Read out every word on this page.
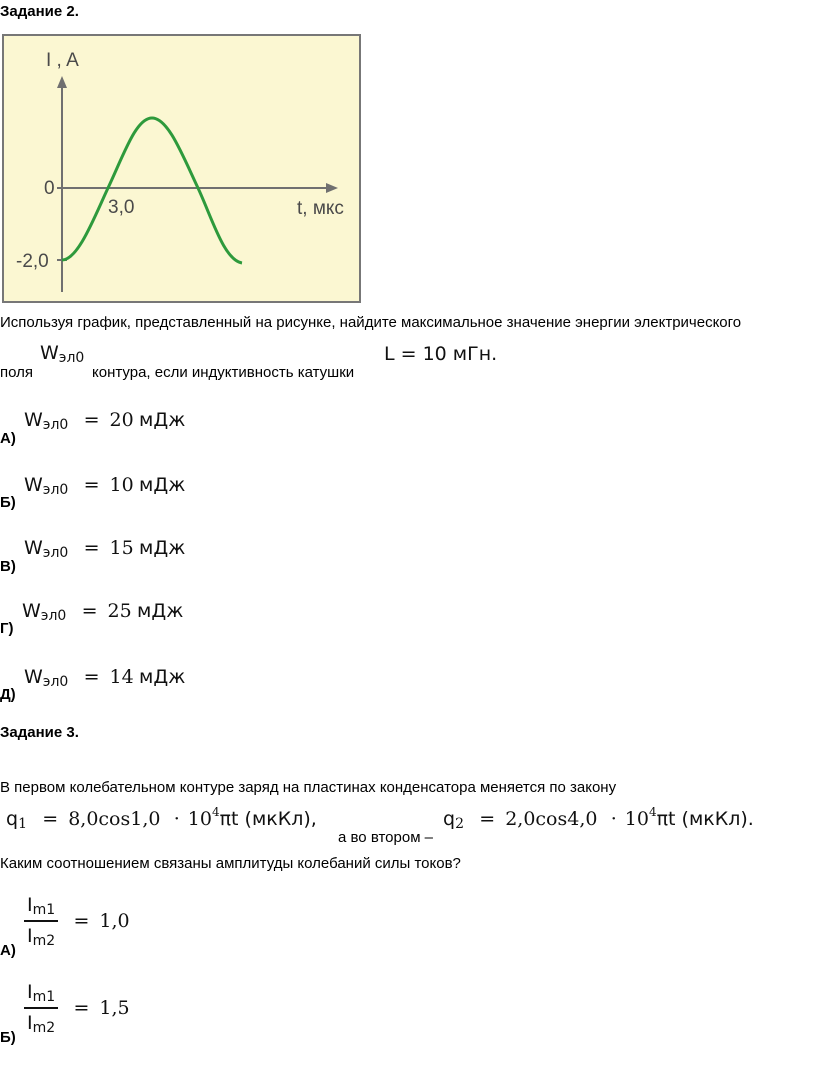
Задание 2.
I , A
0
3,0	t, мкс
-2,0
Используя график, представленный на рисунке, найдите максимальное значение энергии электрического
поля
Wэл0
контура, если индуктивность катушки
L = 10 мГн.
А)
Wэл0 = 20 мДж
Б)
Wэл0 = 10 мДж
В)
Wэл0 = 15 мДж
Г)
Wэл0 = 25 мДж
Д)
Wэл0 = 14 мДж
Задание 3.
В первом колебательном контуре заряд на пластинах конденсатора меняется по закону
$q1 = 8,0\cos 1,0 \cdot 10^4\pi t$ (мкКл),
а во втором –
$q2 = 2,0\cos 4,0 \cdot 10^4\pi t$ (мкКл).
Каким соотношением связаны амплитуды колебаний силы токов?
А)
$\frac{Im1}{Im2} = 1,0$
Б)
$\frac{Im1}{Im2} = 1,5$
